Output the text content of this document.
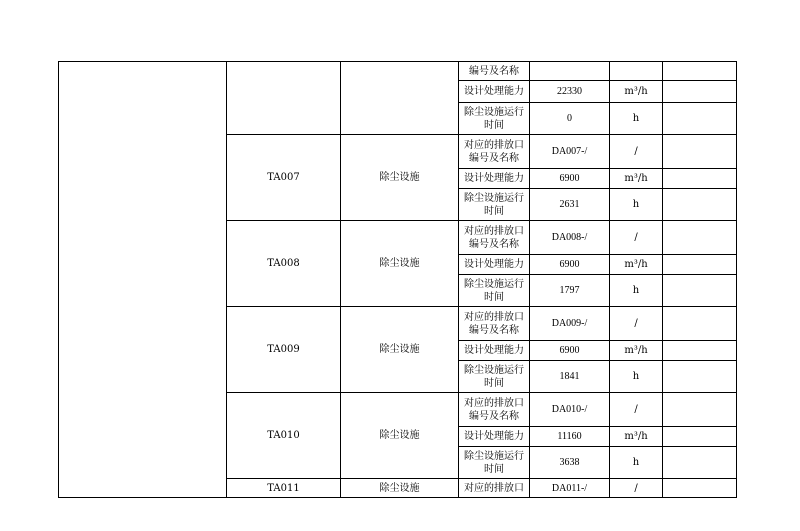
			编号及名称			

			设计处理能力	22330	m³/h	

			除尘设施运行
时间	0	h	
	TA007	除尘设施	对应的排放口
编号及名称	DA007-/	/	
			设计处理能力	6900	m³/h	

			除尘设施运行
时间	2631	h	
	TA008	除尘设施	对应的排放口
编号及名称	DA008-/	/	
			设计处理能力	6900	m³/h	

			除尘设施运行
时间	1797	h	
	TA009	除尘设施	对应的排放口
编号及名称	DA009-/	/	
			设计处理能力	6900	m³/h	

			除尘设施运行
时间	1841	h	
	TA010	除尘设施	对应的排放口
编号及名称	DA010-/	/	
			设计处理能力	11160	m³/h	

			除尘设施运行
时间	3638	h	
	TA011	除尘设施	对应的排放口	DA011-/	/	
